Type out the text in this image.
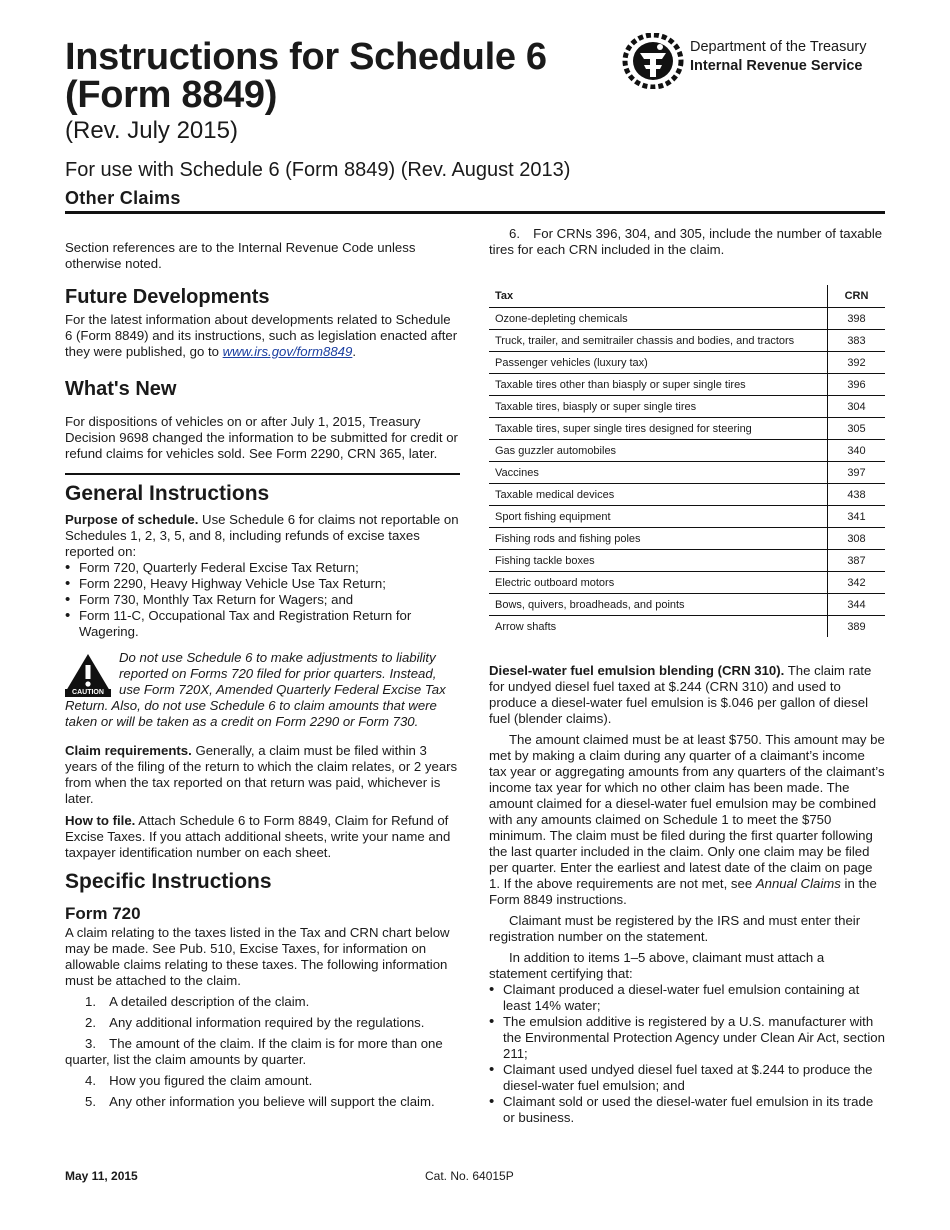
Instructions for Schedule 6 (Form 8849)
(Rev. July 2015)
For use with Schedule 6 (Form 8849) (Rev. August 2013)
Other Claims
Department of the Treasury
Internal Revenue Service

Section references are to the Internal Revenue Code unless otherwise noted.

Future Developments

For the latest information about developments related to Schedule 6 (Form 8849) and its instructions, such as legislation enacted after they were published, go to www.irs.gov/form8849.

What's New

For dispositions of vehicles on or after July 1, 2015, Treasury Decision 9698 changed the information to be submitted for credit or refund claims for vehicles sold. See Form 2290, CRN 365, later.

General Instructions

Purpose of schedule. Use Schedule 6 for claims not reportable on Schedules 1, 2, 3, 5, and 8, including refunds of excise taxes reported on:

• Form 720, Quarterly Federal Excise Tax Return;

• Form 2290, Heavy Highway Vehicle Use Tax Return;

• Form 730, Monthly Tax Return for Wagers; and

• Form 11-C, Occupational Tax and Registration Return for Wagering.

CAUTION

Do not use Schedule 6 to make adjustments to liability reported on Forms 720 filed for prior quarters. Instead, use Form 720X, Amended Quarterly Federal Excise Tax Return. Also, do not use Schedule 6 to claim amounts that were taken or will be taken as a credit on Form 2290 or Form 730.

Claim requirements. Generally, a claim must be filed within 3 years of the filing of the return to which the claim relates, or 2 years from when the tax reported on that return was paid, whichever is later.

How to file. Attach Schedule 6 to Form 8849, Claim for Refund of Excise Taxes. If you attach additional sheets, write your name and taxpayer identification number on each sheet.

Specific Instructions
Form 720

A claim relating to the taxes listed in the Tax and CRN chart below may be made. See Pub. 510, Excise Taxes, for information on allowable claims relating to these taxes. The following information must be attached to the claim.

1. A detailed description of the claim.

2. Any additional information required by the regulations.

3. The amount of the claim. If the claim is for more than one quarter, list the claim amounts by quarter.

4. How you figured the claim amount.

5. Any other information you believe will support the claim.

6. For CRNs 396, 304, and 305, include the number of taxable tires for each CRN included in the claim.

Tax	CRN
Ozone-depleting chemicals	398
Truck, trailer, and semitrailer chassis and bodies, and tractors	383
Passenger vehicles (luxury tax)	392
Taxable tires other than biasply or super single tires	396
Taxable tires, biasply or super single tires	304
Taxable tires, super single tires designed for steering	305
Gas guzzler automobiles	340
Vaccines	397
Taxable medical devices	438
Sport fishing equipment	341
Fishing rods and fishing poles	308
Fishing tackle boxes	387
Electric outboard motors	342
Bows, quivers, broadheads, and points	344
Arrow shafts	389

Diesel-water fuel emulsion blending (CRN 310). The claim rate for undyed diesel fuel taxed at $.244 (CRN 310) and used to produce a diesel-water fuel emulsion is $.046 per gallon of diesel fuel (blender claims).

The amount claimed must be at least $750. This amount may be met by making a claim during any quarter of a claimant’s income tax year or aggregating amounts from any quarters of the claimant’s income tax year for which no other claim has been made. The amount claimed for a diesel-water fuel emulsion may be combined with any amounts claimed on Schedule 1 to meet the $750 minimum. The claim must be filed during the first quarter following the last quarter included in the claim. Only one claim may be filed per quarter. Enter the earliest and latest date of the claim on page 1. If the above requirements are not met, see Annual Claims in the Form 8849 instructions.

Claimant must be registered by the IRS and must enter their registration number on the statement.

In addition to items 1–5 above, claimant must attach a statement certifying that:

• Claimant produced a diesel-water fuel emulsion containing at least 14% water;

• The emulsion additive is registered by a U.S. manufacturer with the Environmental Protection Agency under Clean Air Act, section 211;

• Claimant used undyed diesel fuel taxed at $.244 to produce the diesel-water fuel emulsion; and

• Claimant sold or used the diesel-water fuel emulsion in its trade or business.

May 11, 2015	Cat. No. 64015P
